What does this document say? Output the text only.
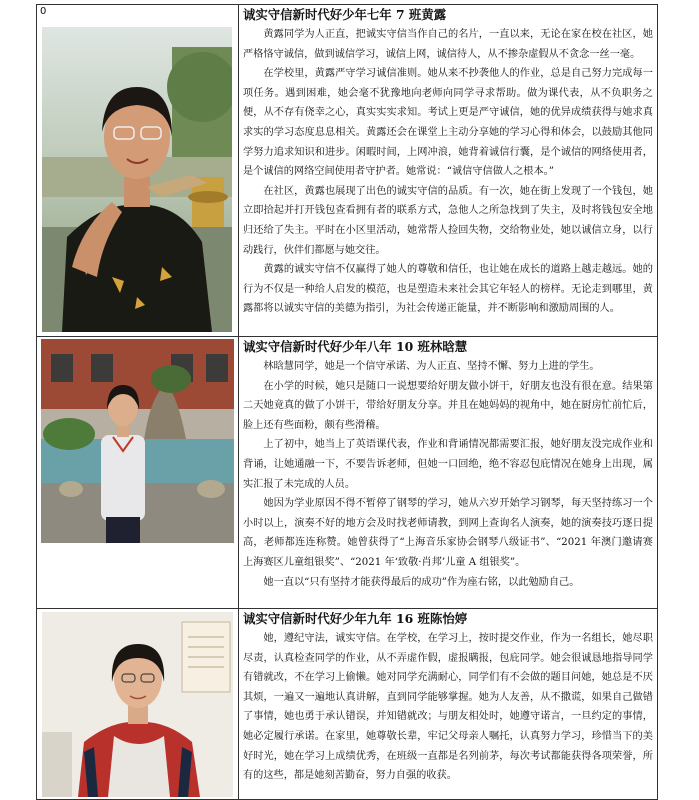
0	诚实守信新时代好少年七年 7 班黄露

黄露同学为人正直，把诚实守信当作自己的名片，一直以来，无论在家在校在社区，她严格恪守诚信，做到诚信学习，诚信上网，诚信待人，从不掺杂虚假从不贪念一丝一毫。

在学校里，黄露严守学习诚信准则。她从来不抄袭他人的作业，总是自己努力完成每一项任务。遇到困难，她会毫不犹豫地向老师向同学寻求帮助。做为课代表，从不负职务之便，从不存有侥幸之心，真实实实求知。考试上更是严守诚信，她的优异成绩获得与她求真求实的学习态度息息相关。黄露还会在课堂上主动分享她的学习心得和体会，以鼓励其他同学努力追求知识和进步。闲暇时间，上网冲浪，她背着诚信行囊，是个诚信的网络使用者，是个诚信的网络空间使用者守护者。她常说：“诚信守信做人之根本。”

在社区，黄露也展现了出色的诚实守信的品质。有一次，她在街上发现了一个钱包，她立即拾起并打开钱包查看拥有者的联系方式，急他人之所急找到了失主，及时将钱包安全地归还给了失主。平时在小区里活动，她常帮人捡回失物，交给物业处，她以诚信立身，以行动践行，伙伴们都愿与她交往。

黄露的诚实守信不仅赢得了她人的尊敬和信任，也让她在成长的道路上越走越远。她的行为不仅是一种给人启发的模范，也是塑造未来社会其它年轻人的榜样。无论走到哪里，黄露都将以诚实守信的美德为指引，为社会传递正能量，并不断影响和激励周围的人。

诚实守信新时代好少年八年 10 班林晗慧

林晗慧同学，她是一个信守承诺、为人正直、坚持不懈、努力上进的学生。

在小学的时候，她只是随口一说想要给好朋友做小饼干，好朋友也没有很在意。结果第二天她竟真的做了小饼干，带给好朋友分享。并且在她妈妈的视角中，她在厨房忙前忙后，脸上还有些面粉，颇有些滑稽。

上了初中，她当上了英语课代表，作业和背诵情况都需要汇报，她好朋友没完成作业和背诵，让她通融一下，不要告诉老师，但她一口回绝，绝不容忍包庇情况在她身上出现，属实汇报了未完成的人员。

她因为学业原因不得不暂停了钢琴的学习，她从六岁开始学习钢琴，每天坚持练习一个小时以上，演奏不好的地方会及时找老师请教，到网上查询名人演奏，她的演奏技巧逐日提高，老师都连连称赞。她曾获得了“上海音乐家协会钢琴八级证书”、“2021 年澳门邀请赛上海赛区儿童组银奖”、“2021 年‘致敬·肖邦’儿童 A 组银奖”。

她一直以“只有坚持才能获得最后的成功”作为座右铭，以此勉励自己。

诚实守信新时代好少年九年 16 班陈怡婷

她，遵纪守法，诚实守信。在学校，在学习上，按时提交作业，作为一名组长，她尽职尽责，认真检查同学的作业，从不弄虚作假，虚报瞒报，包庇同学。她会很诚恳地指导同学有错就改，不在学习上偷懒。她对同学充满耐心，同学们有不会做的题目问她，她总是不厌其烦，一遍又一遍地认真讲解，直到同学能够掌握。她为人友善，从不撒谎，如果自己做错了事情，她也勇于承认错误，并知错就改；与朋友相处时，她遵守诺言，一旦约定的事情，她必定履行承诺。在家里，她尊敬长辈，牢记父母亲人嘱托，认真努力学习，珍惜当下的美好时光，她在学习上成绩优秀，在班级一直都是名列前茅，每次考试都能获得各项荣誉，所有的这些，都是她刻苦勤奋，努力自强的收获。
